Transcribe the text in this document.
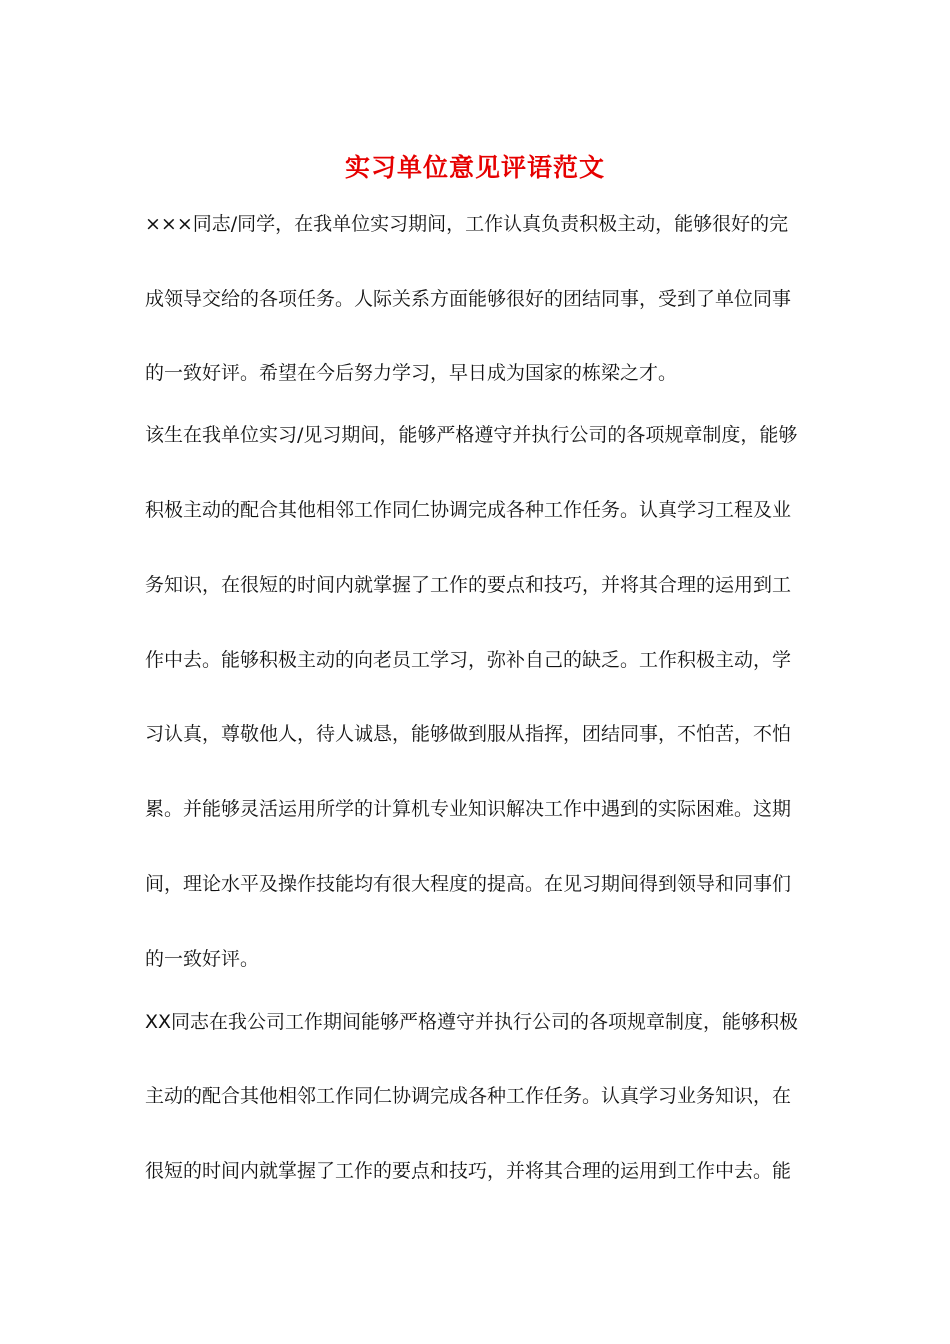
实习单位意见评语范文

×××同志/同学，在我单位实习期间，工作认真负责积极主动，能够很好的完

成领导交给的各项任务。人际关系方面能够很好的团结同事，受到了单位同事

的一致好评。希望在今后努力学习，早日成为国家的栋梁之才。

该生在我单位实习/见习期间，能够严格遵守并执行公司的各项规章制度，能够

积极主动的配合其他相邻工作同仁协调完成各种工作任务。认真学习工程及业

务知识，在很短的时间内就掌握了工作的要点和技巧，并将其合理的运用到工

作中去。能够积极主动的向老员工学习，弥补自己的缺乏。工作积极主动，学

习认真，尊敬他人，待人诚恳，能够做到服从指挥，团结同事，不怕苦，不怕

累。并能够灵活运用所学的计算机专业知识解决工作中遇到的实际困难。这期

间，理论水平及操作技能均有很大程度的提高。在见习期间得到领导和同事们

的一致好评。

XX同志在我公司工作期间能够严格遵守并执行公司的各项规章制度，能够积极

主动的配合其他相邻工作同仁协调完成各种工作任务。认真学习业务知识，在

很短的时间内就掌握了工作的要点和技巧，并将其合理的运用到工作中去。能
